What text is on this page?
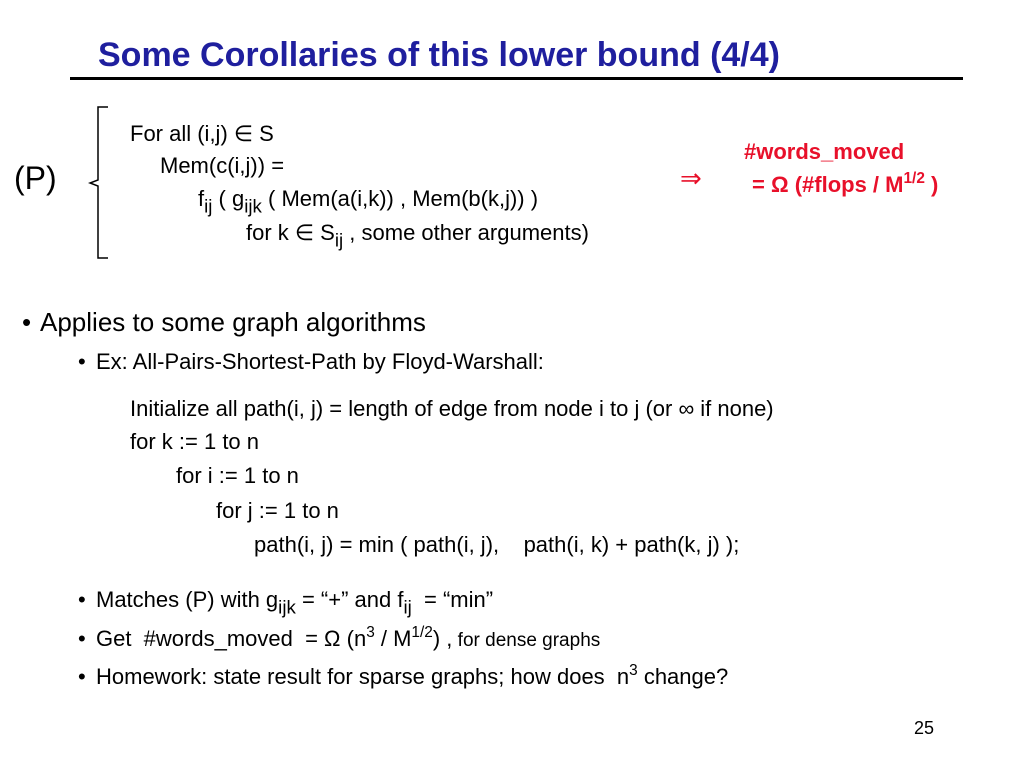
Some Corollaries of this lower bound (4/4)
(P)
For all (i,j) ∈ S
Mem(c(i,j)) =
$f_{ij}$ ( $g_{ijk}$ ( Mem(a(i,k)) , Mem(b(k,j)) )
for k ∈ $S_{ij}$ , some other arguments)
⇒
#words_moved
= Ω (#flops / $M^{1/2}$ )
• Applies to some graph algorithms
• Ex: All-Pairs-Shortest-Path by Floyd-Warshall:
Initialize all path(i, j) = length of edge from node i to j (or ∞ if none)
for k := 1 to n
for i := 1 to n
for j := 1 to n
path(i, j) = min ( path(i, j),    path(i, k) + path(k, j) );
• Matches (P) with $g_{ijk}$ = “+” and $f_{ij}$  = “min”
• Get  #words_moved  = Ω $(n^3 / M^{1/2})$ , for dense graphs
• Homework: state result for sparse graphs; how does  $n^3$ change?
25
